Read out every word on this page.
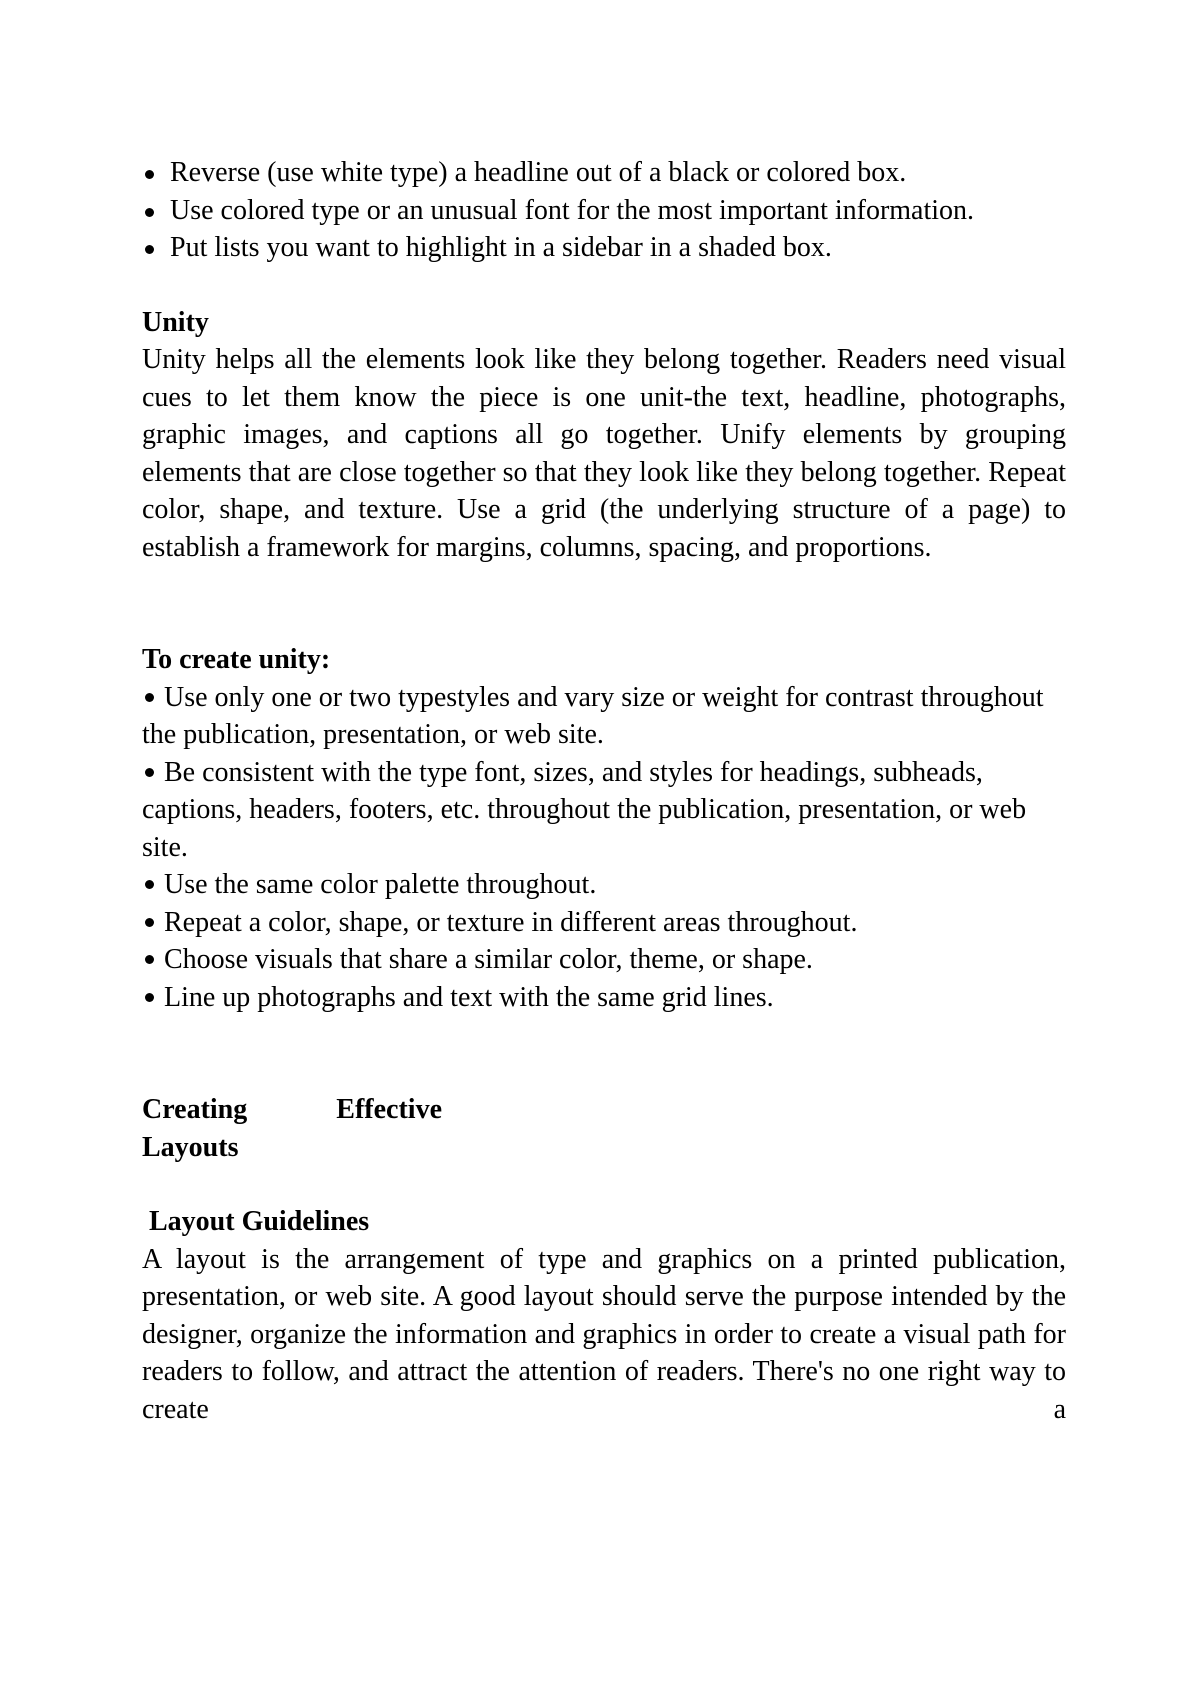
Reverse (use white type) a headline out of a black or colored box.
Use colored type or an unusual font for the most important information.
Put lists you want to highlight in a sidebar in a shaded box.
Unity

Unity helps all the elements look like they belong together. Readers need visual cues to let them know the piece is one unit-the text, headline, photographs, graphic images, and captions all go together. Unify elements by grouping elements that are close together so that they look like they belong together. Repeat color, shape, and texture. Use a grid (the underlying structure of a page) to establish a framework for margins, columns, spacing, and proportions.

To create unity:
Use only one or two typestyles and vary size or weight for contrast throughout the publication, presentation, or web site.
Be consistent with the type font, sizes, and styles for headings, subheads, captions, headers, footers, etc. throughout the publication, presentation, or web site.
Use the same color palette throughout.
Repeat a color, shape, or texture in different areas throughout.
Choose visuals that share a similar color, theme, or shape.
Line up photographs and text with the same grid lines.
Creating	Effective
Layouts
Layout Guidelines

A layout is the arrangement of type and graphics on a printed publication, presentation, or web site. A good layout should serve the purpose intended by the designer, organize the information and graphics in order to create a visual path for readers to follow, and attract the attention of readers. There's no one right way to create a
